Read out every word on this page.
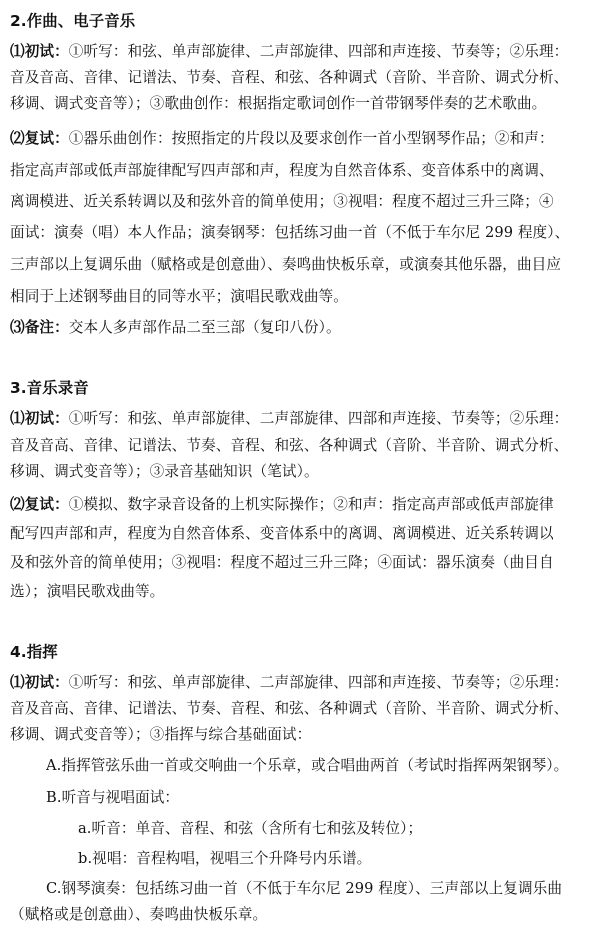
2.作曲、电子音乐
⑴初试：①听写：和弦、单声部旋律、二声部旋律、四部和声连接、节奏等；②乐理：
音及音高、音律、记谱法、节奏、音程、和弦、各种调式（音阶、半音阶、调式分析、
移调、调式变音等）；③歌曲创作：根据指定歌词创作一首带钢琴伴奏的艺术歌曲。
⑵复试：①器乐曲创作：按照指定的片段以及要求创作一首小型钢琴作品；②和声：
指定高声部或低声部旋律配写四声部和声，程度为自然音体系、变音体系中的离调、
离调模进、近关系转调以及和弦外音的简单使用；③视唱：程度不超过三升三降；④
面试：演奏（唱）本人作品；演奏钢琴：包括练习曲一首（不低于车尔尼 299 程度）、
三声部以上复调乐曲（赋格或是创意曲）、奏鸣曲快板乐章，或演奏其他乐器，曲目应
相同于上述钢琴曲目的同等水平；演唱民歌戏曲等。
⑶备注：交本人多声部作品二至三部（复印八份）。
3.音乐录音
⑴初试：①听写：和弦、单声部旋律、二声部旋律、四部和声连接、节奏等；②乐理：
音及音高、音律、记谱法、节奏、音程、和弦、各种调式（音阶、半音阶、调式分析、
移调、调式变音等）；③录音基础知识（笔试）。
⑵复试：①模拟、数字录音设备的上机实际操作；②和声：指定高声部或低声部旋律
配写四声部和声，程度为自然音体系、变音体系中的离调、离调模进、近关系转调以
及和弦外音的简单使用；③视唱：程度不超过三升三降；④面试：器乐演奏（曲目自
选）；演唱民歌戏曲等。
4.指挥
⑴初试：①听写：和弦、单声部旋律、二声部旋律、四部和声连接、节奏等；②乐理：
音及音高、音律、记谱法、节奏、音程、和弦、各种调式（音阶、半音阶、调式分析、
移调、调式变音等）；③指挥与综合基础面试：
A.指挥管弦乐曲一首或交响曲一个乐章，或合唱曲两首（考试时指挥两架钢琴）。
B.听音与视唱面试：
a.听音：单音、音程、和弦（含所有七和弦及转位）；
b.视唱：音程构唱，视唱三个升降号内乐谱。
C.钢琴演奏：包括练习曲一首（不低于车尔尼 299 程度）、三声部以上复调乐曲
（赋格或是创意曲）、奏鸣曲快板乐章。
